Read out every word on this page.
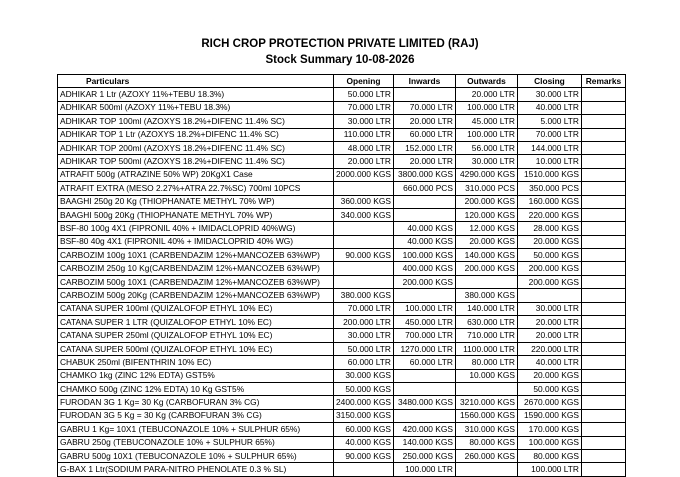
RICH CROP PROTECTION PRIVATE LIMITED (RAJ)
Stock Summary 10-08-2026
Particulars	Opening	Inwards	Outwards	Closing	Remarks
ADHIKAR 1 Ltr (AZOXY 11%+TEBU 18.3%)	50.000 LTR		20.000 LTR	30.000 LTR	
ADHIKAR 500ml (AZOXY 11%+TEBU 18.3%)	70.000 LTR	70.000 LTR	100.000 LTR	40.000 LTR	
ADHIKAR TOP 100ml (AZOXYS 18.2%+DIFENC 11.4% SC)	30.000 LTR	20.000 LTR	45.000 LTR	5.000 LTR	
ADHIKAR TOP 1 Ltr (AZOXYS 18.2%+DIFENC 11.4% SC)	110.000 LTR	60.000 LTR	100.000 LTR	70.000 LTR	
ADHIKAR TOP 200ml (AZOXYS 18.2%+DIFENC 11.4% SC)	48.000 LTR	152.000 LTR	56.000 LTR	144.000 LTR	
ADHIKAR TOP 500ml (AZOXYS 18.2%+DIFENC 11.4% SC)	20.000 LTR	20.000 LTR	30.000 LTR	10.000 LTR	
ATRAFIT 500g (ATRAZINE 50% WP) 20KgX1 Case	2000.000 KGS	3800.000 KGS	4290.000 KGS	1510.000 KGS	
ATRAFIT EXTRA (MESO 2.27%+ATRA 22.7%SC) 700ml 10PCS		660.000 PCS	310.000 PCS	350.000 PCS	
BAAGHI 250g 20 Kg (THIOPHANATE METHYL 70% WP)	360.000 KGS		200.000 KGS	160.000 KGS	
BAAGHI 500g 20Kg (THIOPHANATE METHYL 70% WP)	340.000 KGS		120.000 KGS	220.000 KGS	
BSF-80 100g 4X1 (FIPRONIL 40% + IMIDACLOPRID 40%WG)		40.000 KGS	12.000 KGS	28.000 KGS	
BSF-80 40g 4X1 (FIPRONIL 40% + IMIDACLOPRID 40% WG)		40.000 KGS	20.000 KGS	20.000 KGS	
CARBOZIM 100g 10X1 (CARBENDAZIM 12%+MANCOZEB 63%WP)	90.000 KGS	100.000 KGS	140.000 KGS	50.000 KGS	
CARBOZIM 250g 10 Kg(CARBENDAZIM 12%+MANCOZEB 63%WP)		400.000 KGS	200.000 KGS	200.000 KGS	
CARBOZIM 500g 10X1 (CARBENDAZIM 12%+MANCOZEB 63%WP)		200.000 KGS		200.000 KGS	
CARBOZIM 500g 20Kg (CARBENDAZIM 12%+MANCOZEB 63%WP)	380.000 KGS		380.000 KGS		
CATANA SUPER 100ml (QUIZALOFOP ETHYL 10% EC)	70.000 LTR	100.000 LTR	140.000 LTR	30.000 LTR	
CATANA SUPER 1 LTR (QUIZALOFOP ETHYL 10% EC)	200.000 LTR	450.000 LTR	630.000 LTR	20.000 LTR	
CATANA SUPER 250ml (QUIZALOFOP ETHYL 10% EC)	30.000 LTR	700.000 LTR	710.000 LTR	20.000 LTR	
CATANA SUPER 500ml (QUIZALOFOP ETHYL 10% EC)	50.000 LTR	1270.000 LTR	1100.000 LTR	220.000 LTR	
CHABUK 250ml (BIFENTHRIN 10% EC)	60.000 LTR	60.000 LTR	80.000 LTR	40.000 LTR	
CHAMKO 1kg (ZINC 12% EDTA) GST5%	30.000 KGS		10.000 KGS	20.000 KGS	
CHAMKO 500g (ZINC 12% EDTA) 10 Kg GST5%	50.000 KGS			50.000 KGS	
FURODAN 3G 1 Kg= 30 Kg (CARBOFURAN 3% CG)	2400.000 KGS	3480.000 KGS	3210.000 KGS	2670.000 KGS	
FURODAN 3G 5 Kg = 30 Kg (CARBOFURAN 3% CG)	3150.000 KGS		1560.000 KGS	1590.000 KGS	
GABRU 1 Kg= 10X1 (TEBUCONAZOLE 10% + SULPHUR 65%)	60.000 KGS	420.000 KGS	310.000 KGS	170.000 KGS	
GABRU 250g (TEBUCONAZOLE 10% + SULPHUR 65%)	40.000 KGS	140.000 KGS	80.000 KGS	100.000 KGS	
GABRU 500g 10X1 (TEBUCONAZOLE 10% + SULPHUR 65%)	90.000 KGS	250.000 KGS	260.000 KGS	80.000 KGS	
G-BAX 1 Ltr(SODIUM PARA-NITRO PHENOLATE 0.3 % SL)		100.000 LTR		100.000 LTR	
